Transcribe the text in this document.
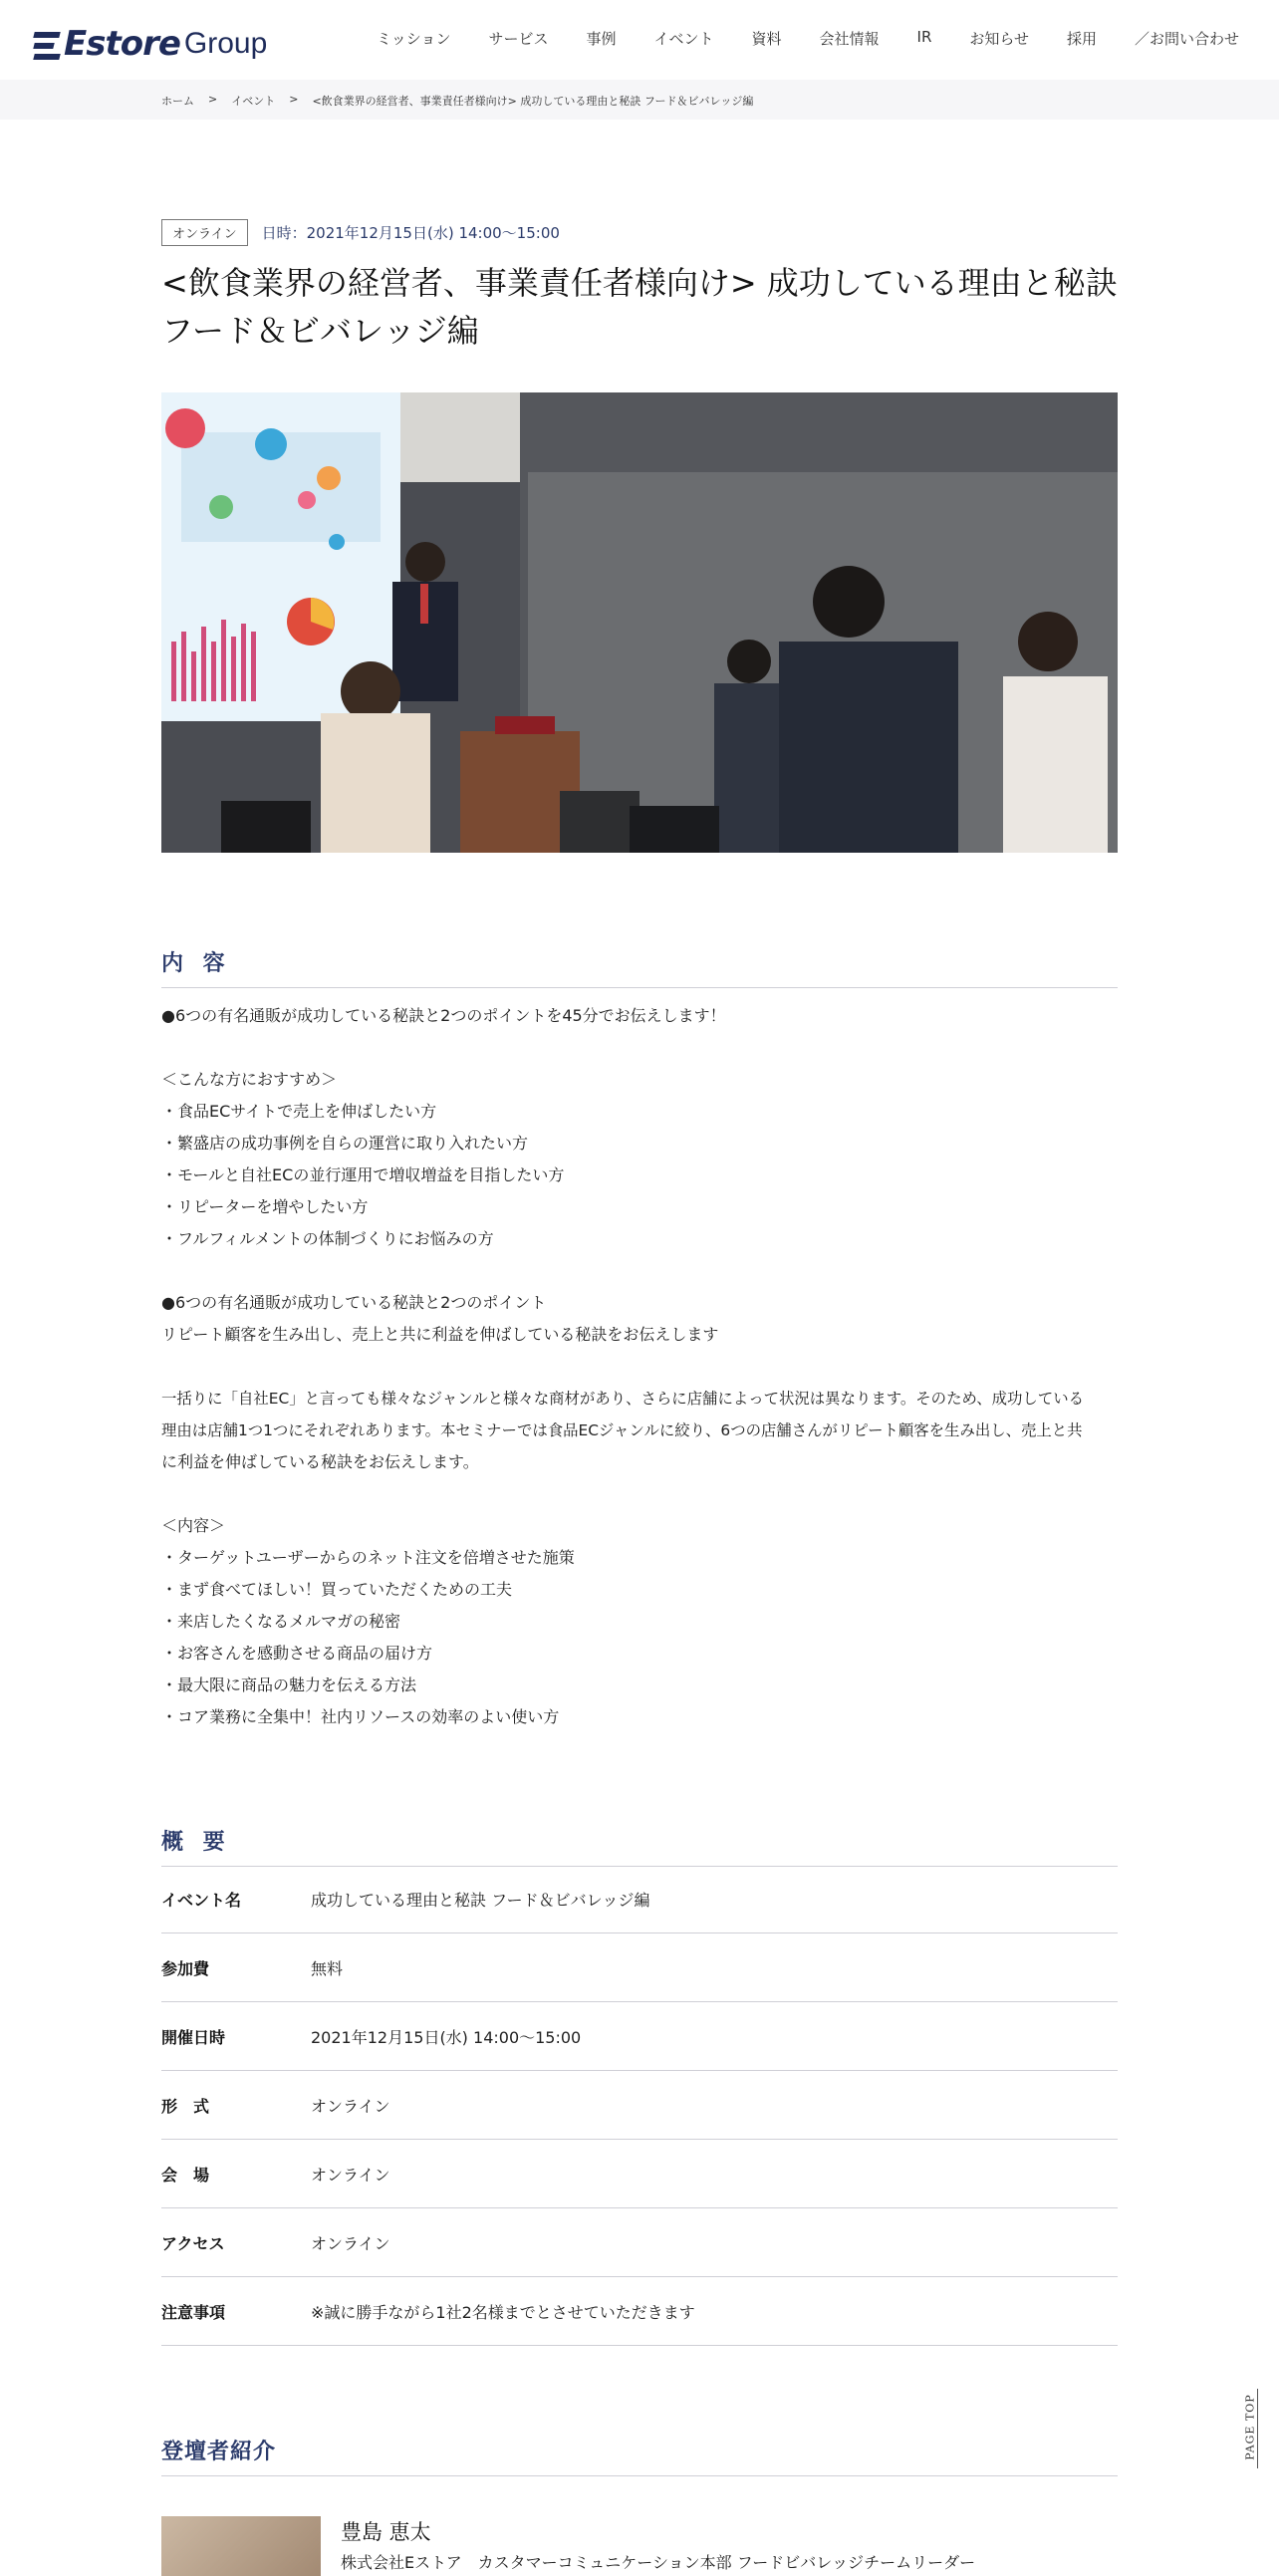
Estore Group	ミッション	サービス	事例	イベント	資料	会社情報	IR	お知らせ	採用
／	お問い合わせ
ホーム > イベント > <飲食業界の経営者、事業責任者様向け> 成功している理由と秘訣 フード＆ビバレッジ編
オンライン	日時：2021年12月15日(水) 14:00〜15:00
<飲食業界の経営者、事業責任者様向け> 成功している理由と秘訣
フード＆ビバレッジ編
内 容

●6つの有名通販が成功している秘訣と2つのポイントを45分でお伝えします！

＜こんな方におすすめ＞

・食品ECサイトで売上を伸ばしたい方

・繁盛店の成功事例を自らの運営に取り入れたい方

・モールと自社ECの並行運用で増収増益を目指したい方

・リピーターを増やしたい方

・フルフィルメントの体制づくりにお悩みの方

●6つの有名通販が成功している秘訣と2つのポイント

リピート顧客を生み出し、売上と共に利益を伸ばしている秘訣をお伝えします

一括りに「自社EC」と言っても様々なジャンルと様々な商材があり、さらに店舗によって状況は異なります。そのため、成功している

理由は店舗1つ1つにそれぞれあります。本セミナーでは食品ECジャンルに絞り、6つの店舗さんがリピート顧客を生み出し、売上と共

に利益を伸ばしている秘訣をお伝えします。

＜内容＞

・ターゲットユーザーからのネット注文を倍増させた施策

・まず食べてほしい！買っていただくための工夫

・来店したくなるメルマガの秘密

・お客さんを感動させる商品の届け方

・最大限に商品の魅力を伝える方法

・コア業務に全集中！社内リソースの効率のよい使い方

概 要
イベント名	成功している理由と秘訣 フード＆ビバレッジ編
参加費	無料
開催日時	2021年12月15日(水) 14:00〜15:00
形　式	オンライン
会　場	オンライン
アクセス	オンライン
注意事項	※誠に勝手ながら1社2名様までとさせていただきます
登壇者紹介
豊島 恵太
株式会社Eストア　カスタマーコミュニケーション本部 フードビバレッジチームリーダー
PAGE TOP
